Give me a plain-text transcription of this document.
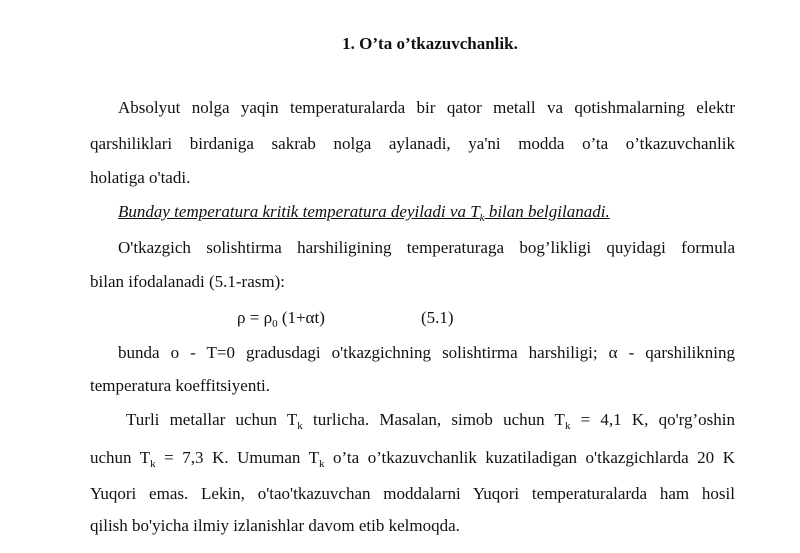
1. O’ta o’tkazuvchanlik.
Absolyut nolga yaqin temperaturalarda bir qator metall va qotishmalarning elektr
qarshiliklari birdaniga sakrab nolga aylanadi, ya'ni modda o’ta o’tkazuvchanlik
holatiga o'tadi.
Bunday temperatura kritik temperatura deyiladi va $T_k$ bilan belgilanadi.
O'tkazgich solishtirma harshiligining temperaturaga bog’likligi quyidagi formula
bilan ifodalanadi (5.1-rasm):
$\rho = \rho_0$ (1+αt)	(5.1)
bunda o - T=0 gradusdagi o'tkazgichning solishtirma harshiligi; α - qarshilikning
temperatura koeffitsiyenti.
Turli metallar uchun $T_k$ turlicha. Masalan, simob uchun $T_k = 4,1$ K, qo'rg’oshin
uchun $T_k = 7,3$ K. Umuman $T_k$ o’ta o’tkazuvchanlik kuzatiladigan o'tkazgichlarda 20 K
Yuqori emas. Lekin, o'tao'tkazuvchan moddalarni Yuqori temperaturalarda ham hosil
qilish bo'yicha ilmiy izlanishlar davom etib kelmoqda.
